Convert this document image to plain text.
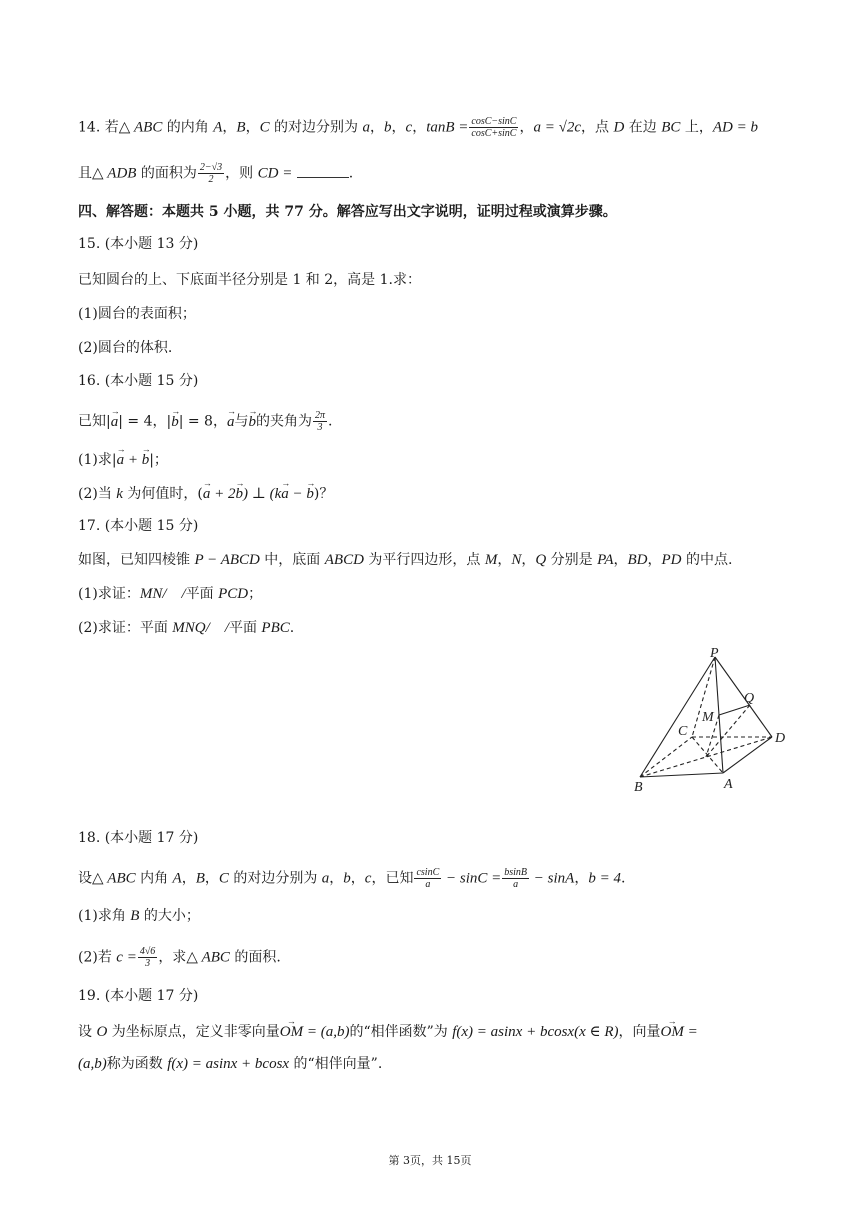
14. 若△ ABC 的内角 A，B，C 的对边分别为 a，b，c，$\tan B = \frac{\cos C-\sin C}{\cos C+\sin C}$ ，a = √2c，点 D 在边 BC 上，AD = b
且△ ADB 的面积为 $\frac{2-√3}{2}$ ，则 CD =	.
四、解答题：本题共 5 小题，共 77 分。解答应写出文字说明，证明过程或演算步骤。
15. (本小题 13 分)
已知圆台的上、下底面半径分别是 1 和 2，高是 1.求：
(1)圆台的表面积；
(2)圆台的体积.
16. (本小题 15 分)
已知|→ a| = 4，|→ b| = 8，→ a与→ b的夹角为 $\frac{2\pi}{3}$ .
(1)求|→ a + → b|；
(2)当 k 为何值时，(→ a + 2→ b) ⊥ (k→ a − → b)？
17. (本小题 15 分)
如图，已知四棱锥 P − ABCD 中，底面 ABCD 为平行四边形，点 M，N，Q 分别是 PA，BD，PD 的中点.
(1)求证：MN/　/平面 PCD；
(2)求证：平面 MNQ/　/平面 PBC.
P
Q
M
C	D
B	A
18. (本小题 17 分)
设△ ABC 内角 A，B，C 的对边分别为 a，b，c，已知 $\frac{csinC}{a} - \sin C = \frac{bsinB}{a} - \sin A$，b = 4.
(1)求角 B 的大小；
(2)若 $c = \frac{4√6}{3}$ ，求△ ABC 的面积.
19. (本小题 17 分)
设 O 为坐标原点，定义非零向量→ OM = (a,b)的“相伴函数”为 f(x) = asinx + bcosx(x ∈ R)，向量→ OM =
(a,b)称为函数 f(x) = asinx + bcosx 的“相伴向量”.
第 3页，共 15页
